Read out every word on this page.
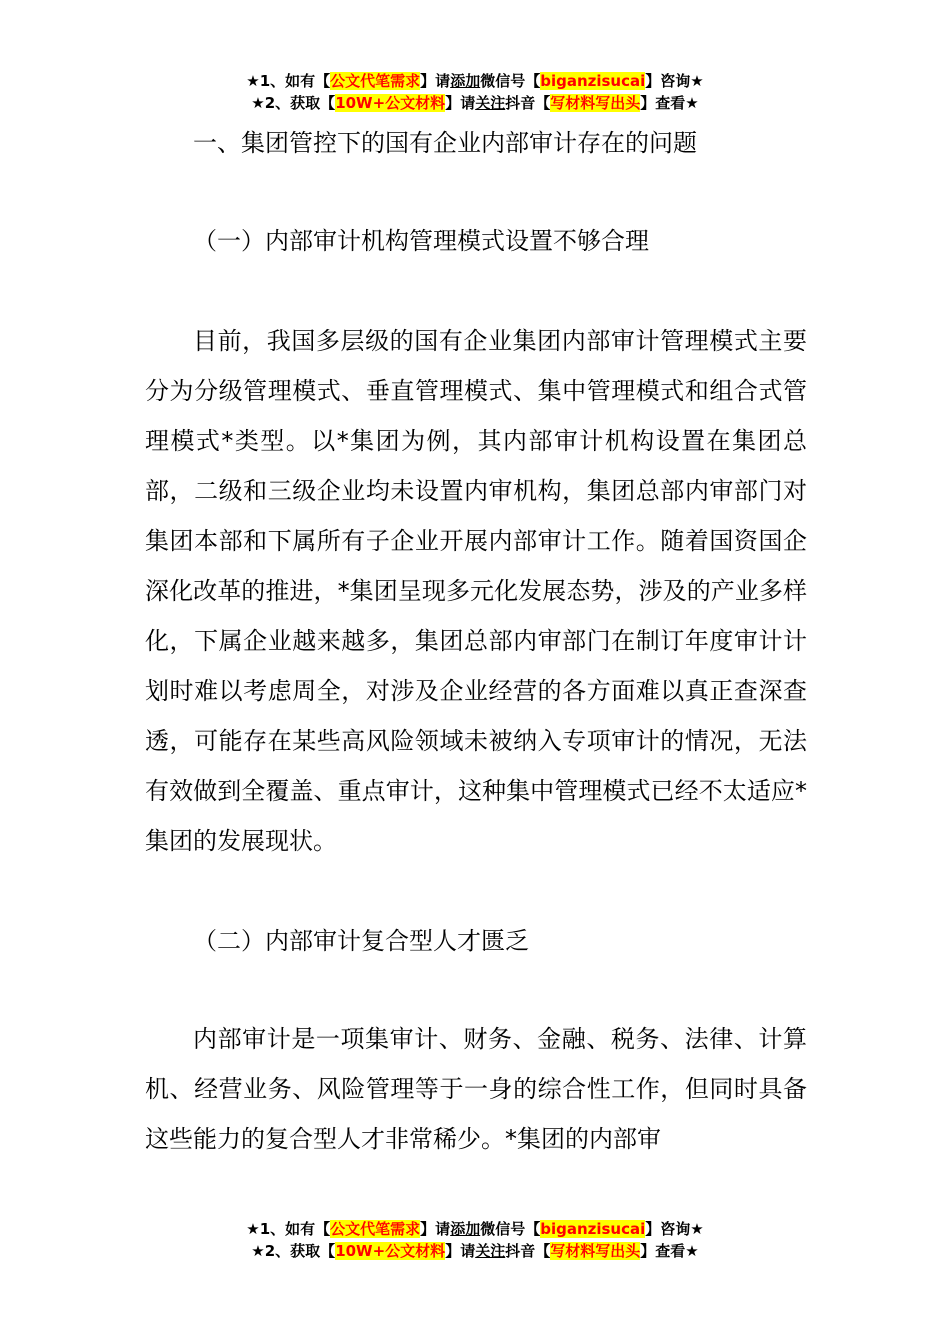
★1、如有【公文代笔需求】请添加微信号【biganzisucai】咨询★
★2、获取【10W+公文材料】请关注抖音【写材料写出头】查看★
一、集团管控下的国有企业内部审计存在的问题
（一）内部审计机构管理模式设置不够合理

目前，我国多层级的国有企业集团内部审计管理模式主要分为分级管理模式、垂直管理模式、集中管理模式和组合式管理模式*类型。以*集团为例，其内部审计机构设置在集团总部，二级和三级企业均未设置内审机构，集团总部内审部门对集团本部和下属所有子企业开展内部审计工作。随着国资国企深化改革的推进，*集团呈现多元化发展态势，涉及的产业多样化，下属企业越来越多，集团总部内审部门在制订年度审计计划时难以考虑周全，对涉及企业经营的各方面难以真正查深查透，可能存在某些高风险领域未被纳入专项审计的情况，无法有效做到全覆盖、重点审计，这种集中管理模式已经不太适应*集团的发展现状。

（二）内部审计复合型人才匮乏

内部审计是一项集审计、财务、金融、税务、法律、计算机、经营业务、风险管理等于一身的综合性工作，但同时具备这些能力的复合型人才非常稀少。*集团的内部审

★1、如有【公文代笔需求】请添加微信号【biganzisucai】咨询★
★2、获取【10W+公文材料】请关注抖音【写材料写出头】查看★
